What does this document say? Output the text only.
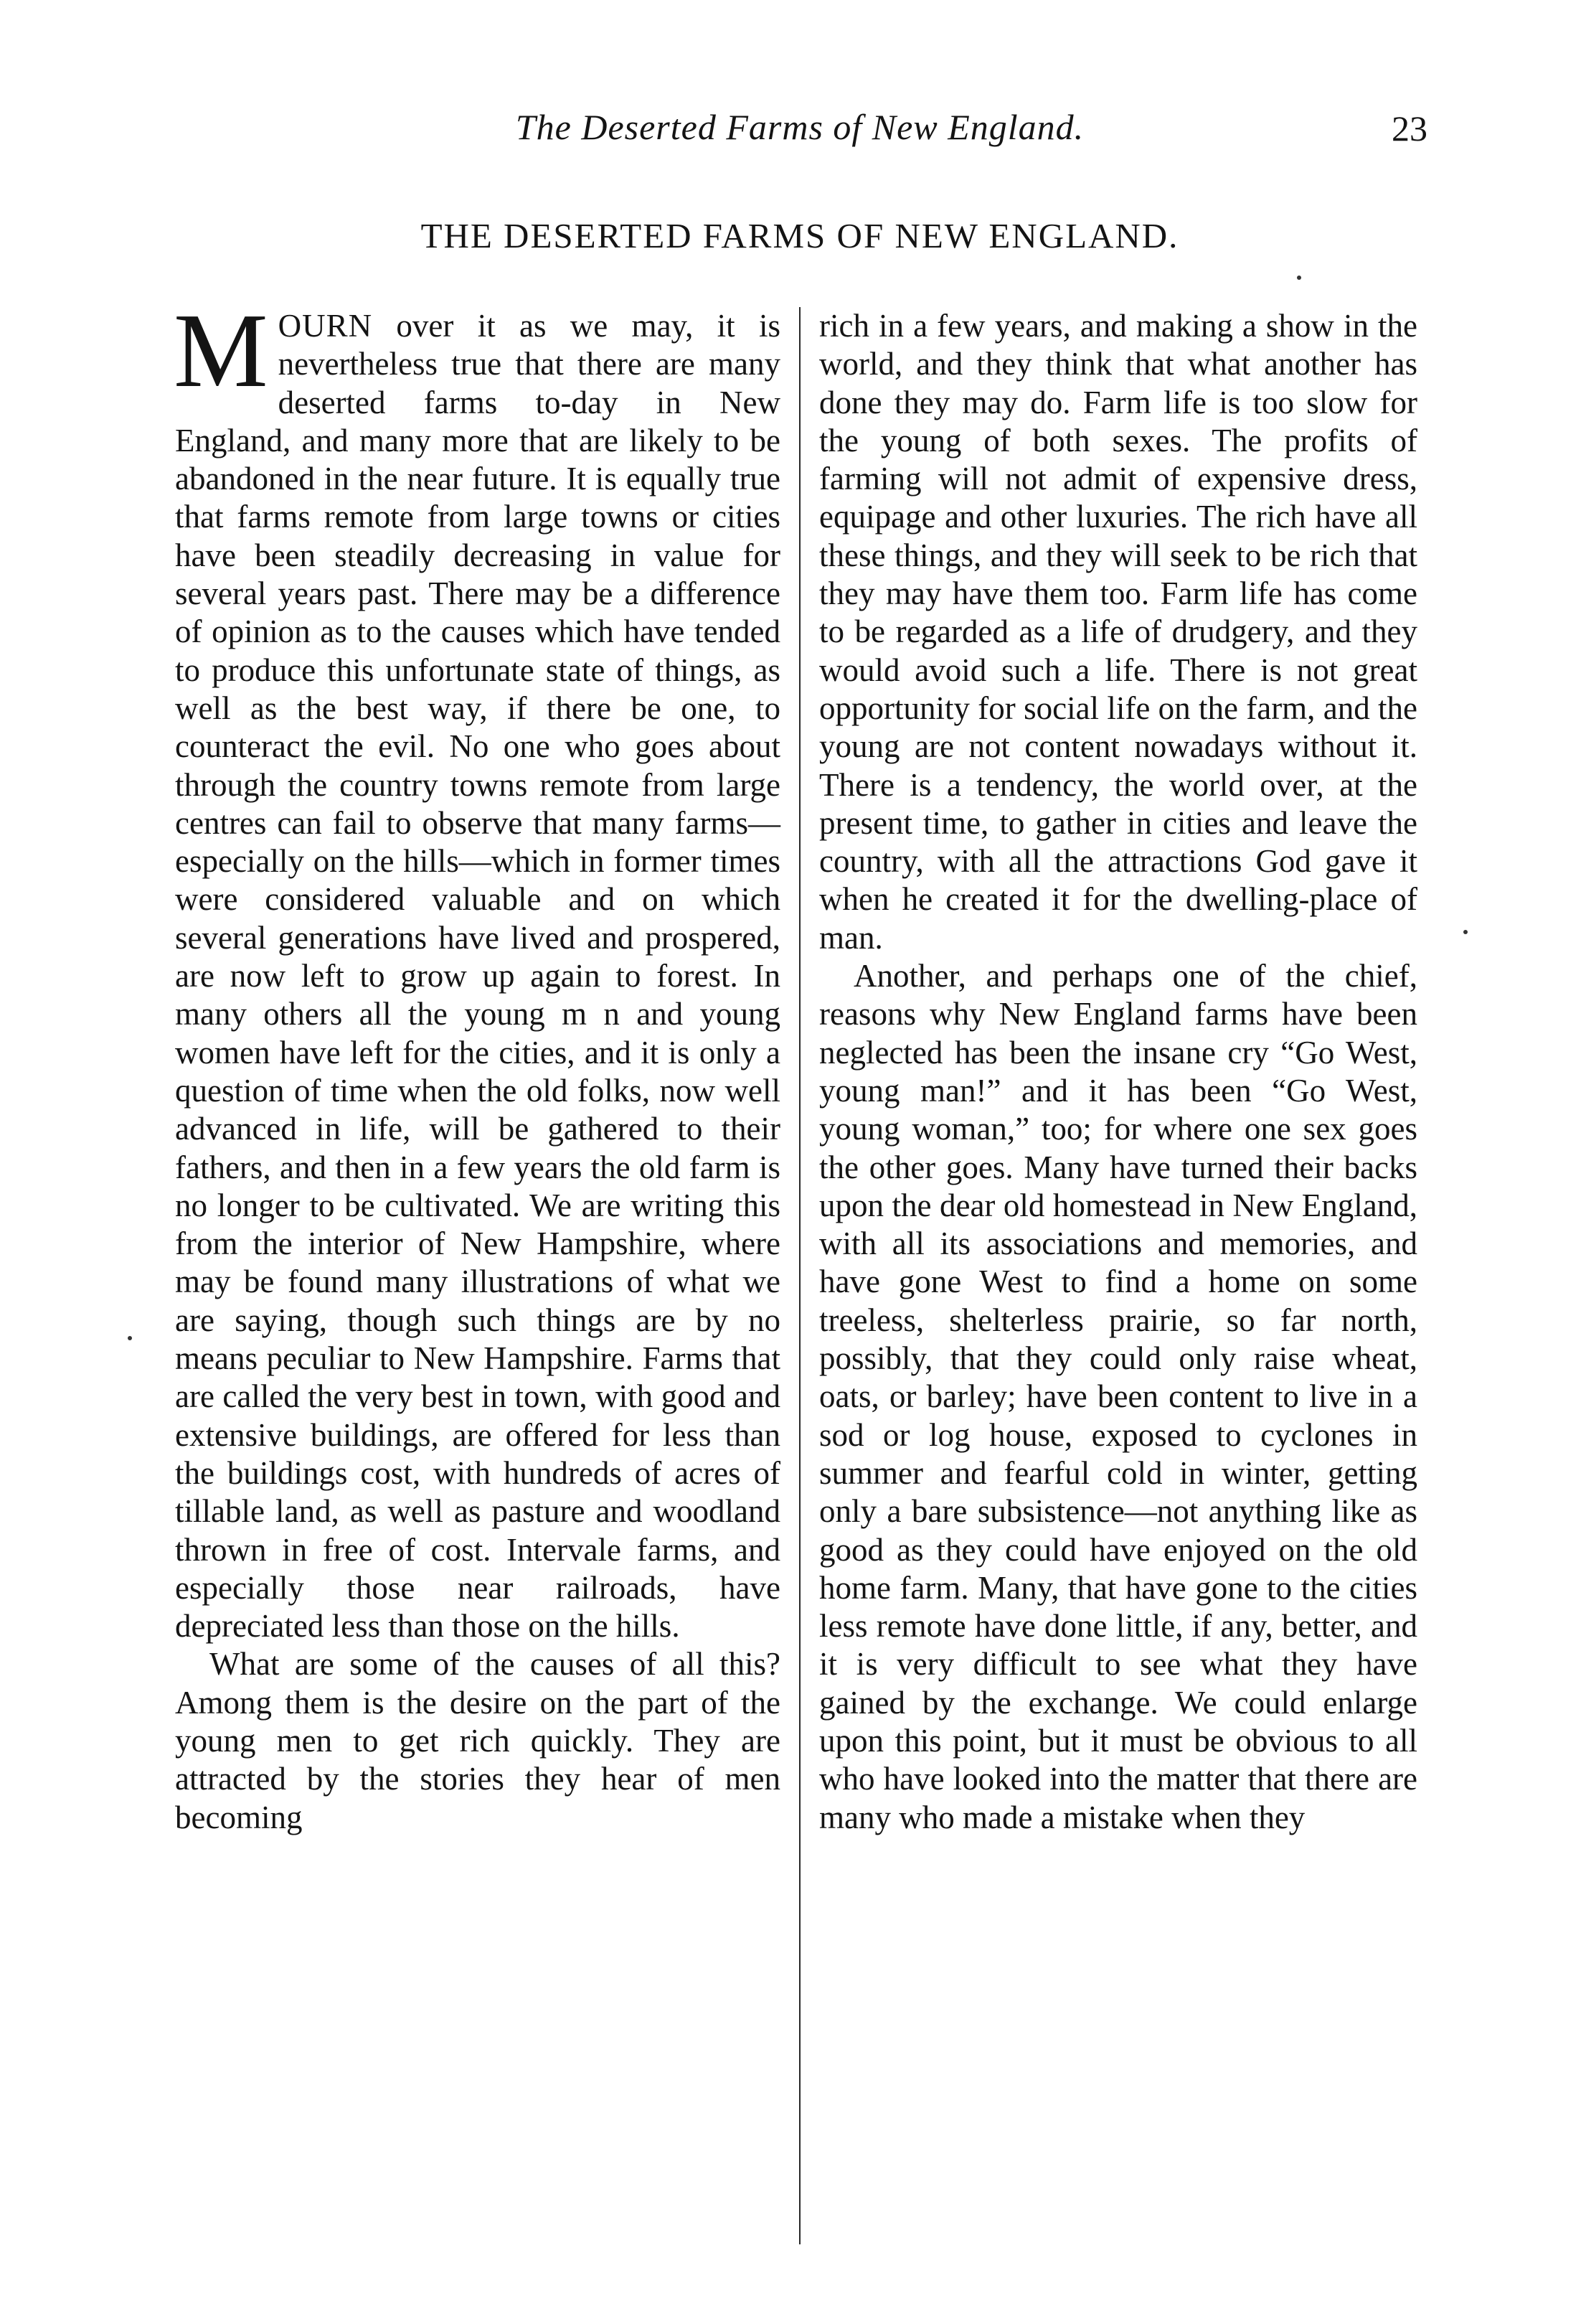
The Deserted Farms of New England.	23
THE DESERTED FARMS OF NEW ENGLAND.

MOURN over it as we may, it is nevertheless true that there are many deserted farms to-day in New England, and many more that are likely to be abandoned in the near future. It is equally true that farms remote from large towns or cities have been steadily decreasing in value for several years past. There may be a difference of opinion as to the causes which have tended to produce this unfortunate state of things, as well as the best way, if there be one, to counteract the evil. No one who goes about through the country towns remote from large centres can fail to observe that many farms—especially on the hills—which in former times were considered valuable and on which several generations have lived and prospered, are now left to grow up again to forest. In many others all the young m n and young women have left for the cities, and it is only a question of time when the old folks, now well advanced in life, will be gathered to their fathers, and then in a few years the old farm is no longer to be cultivated. We are writing this from the interior of New Hampshire, where may be found many illustrations of what we are saying, though such things are by no means peculiar to New Hampshire. Farms that are called the very best in town, with good and extensive buildings, are offered for less than the buildings cost, with hundreds of acres of tillable land, as well as pasture and woodland thrown in free of cost. Intervale farms, and especially those near railroads, have depreciated less than those on the hills.

What are some of the causes of all this? Among them is the desire on the part of the young men to get rich quickly. They are attracted by the stories they hear of men becoming

rich in a few years, and making a show in the world, and they think that what another has done they may do. Farm life is too slow for the young of both sexes. The profits of farming will not admit of expensive dress, equipage and other luxuries. The rich have all these things, and they will seek to be rich that they may have them too. Farm life has come to be regarded as a life of drudgery, and they would avoid such a life. There is not great opportunity for social life on the farm, and the young are not content nowadays without it. There is a tendency, the world over, at the present time, to gather in cities and leave the country, with all the attractions God gave it when he created it for the dwelling-place of man.

Another, and perhaps one of the chief, reasons why New England farms have been neglected has been the insane cry “Go West, young man!” and it has been “Go West, young woman,” too; for where one sex goes the other goes. Many have turned their backs upon the dear old homestead in New England, with all its associations and memories, and have gone West to find a home on some treeless, shelterless prairie, so far north, possibly, that they could only raise wheat, oats, or barley; have been content to live in a sod or log house, exposed to cyclones in summer and fearful cold in winter, getting only a bare subsistence—not anything like as good as they could have enjoyed on the old home farm. Many, that have gone to the cities less remote have done little, if any, better, and it is very difficult to see what they have gained by the exchange. We could enlarge upon this point, but it must be obvious to all who have looked into the matter that there are many who made a mistake when they
